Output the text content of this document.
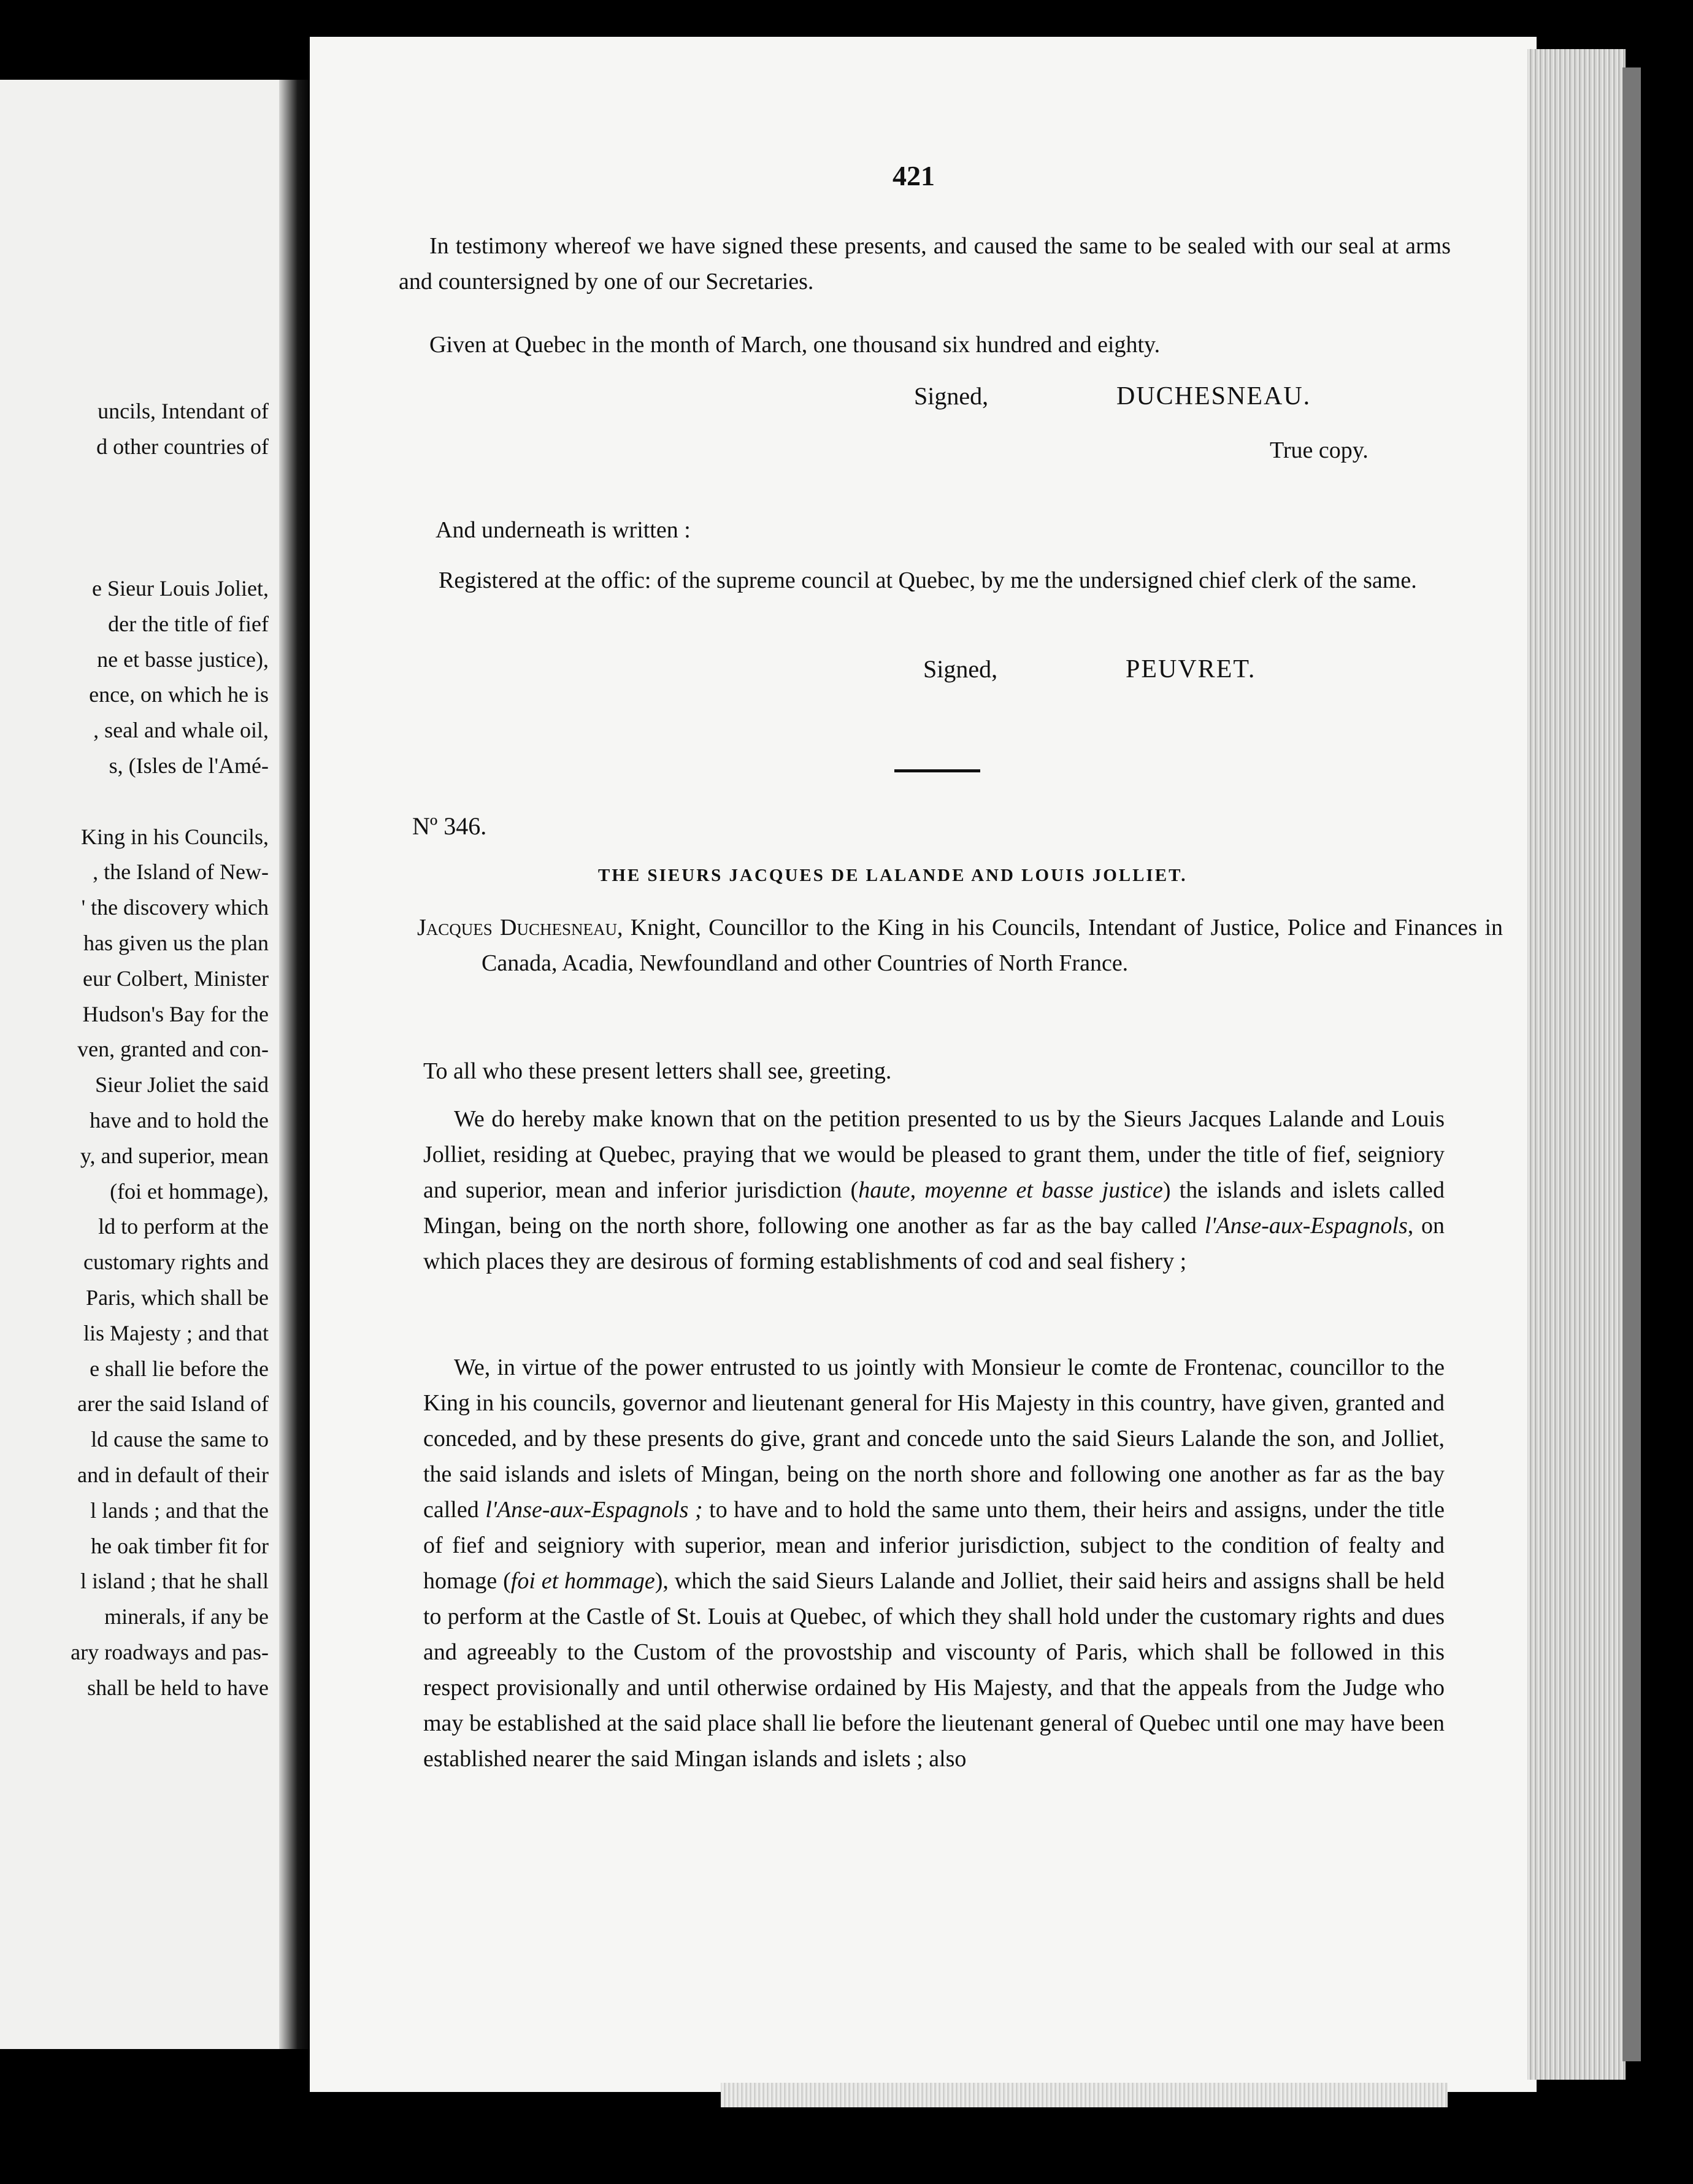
uncils, Intendant of
d other countries of

e Sieur Louis Joliet,
der the title of fief
ne et basse justice),
ence, on which he is
, seal and whale oil,
s, (Isles de l'Amé-

King in his Councils,
, the Island of New-
' the discovery which
has given us the plan
eur Colbert, Minister
Hudson's Bay for the
ven, granted and con-
Sieur Joliet the said
have and to hold the
y, and superior, mean
(foi et hommage),
ld to perform at the
customary rights and
Paris, which shall be
lis Majesty ; and that
e shall lie before the
arer the said Island of
ld cause the same to
and in default of their
l lands ; and that the
he oak timber fit for
l island ; that he shall
minerals, if any be
ary roadways and pas-
shall be held to have
421

In testimony whereof we have signed these presents, and caused the same to be sealed with our seal at arms and countersigned by one of our Secretaries.

Given at Quebec in the month of March, one thousand six hundred and eighty.

Signed,	DUCHESNEAU.
True copy.

And underneath is written :

Registered at the offic: of the supreme council at Quebec, by me the undersigned chief clerk of the same.

Signed,	PEUVRET.
Nº 346.
THE SIEURS JACQUES DE LALANDE AND LOUIS JOLLIET.

Jacques Duchesneau, Knight, Councillor to the King in his Councils, Intendant of Justice, Police and Finances in Canada, Acadia, Newfoundland and other Countries of North France.

To all who these present letters shall see, greeting.

We do hereby make known that on the petition presented to us by the Sieurs Jacques Lalande and Louis Jolliet, residing at Quebec, praying that we would be pleased to grant them, under the title of fief, seigniory and superior, mean and inferior jurisdiction (haute, moyenne et basse justice) the islands and islets called Mingan, being on the north shore, following one another as far as the bay called l'Anse-aux-Espagnols, on which places they are desirous of forming establishments of cod and seal fishery ;

We, in virtue of the power entrusted to us jointly with Monsieur le comte de Frontenac, councillor to the King in his councils, governor and lieutenant general for His Majesty in this country, have given, granted and conceded, and by these presents do give, grant and concede unto the said Sieurs Lalande the son, and Jolliet, the said islands and islets of Mingan, being on the north shore and following one another as far as the bay called l'Anse-aux-Espagnols ; to have and to hold the same unto them, their heirs and assigns, under the title of fief and seigniory with superior, mean and inferior jurisdiction, subject to the condition of fealty and homage (foi et hommage), which the said Sieurs Lalande and Jolliet, their said heirs and assigns shall be held to perform at the Castle of St. Louis at Quebec, of which they shall hold under the customary rights and dues and agreeably to the Custom of the provostship and viscounty of Paris, which shall be followed in this respect provisionally and until otherwise ordained by His Majesty, and that the appeals from the Judge who may be established at the said place shall lie before the lieutenant general of Quebec until one may have been established nearer the said Mingan islands and islets ; also
